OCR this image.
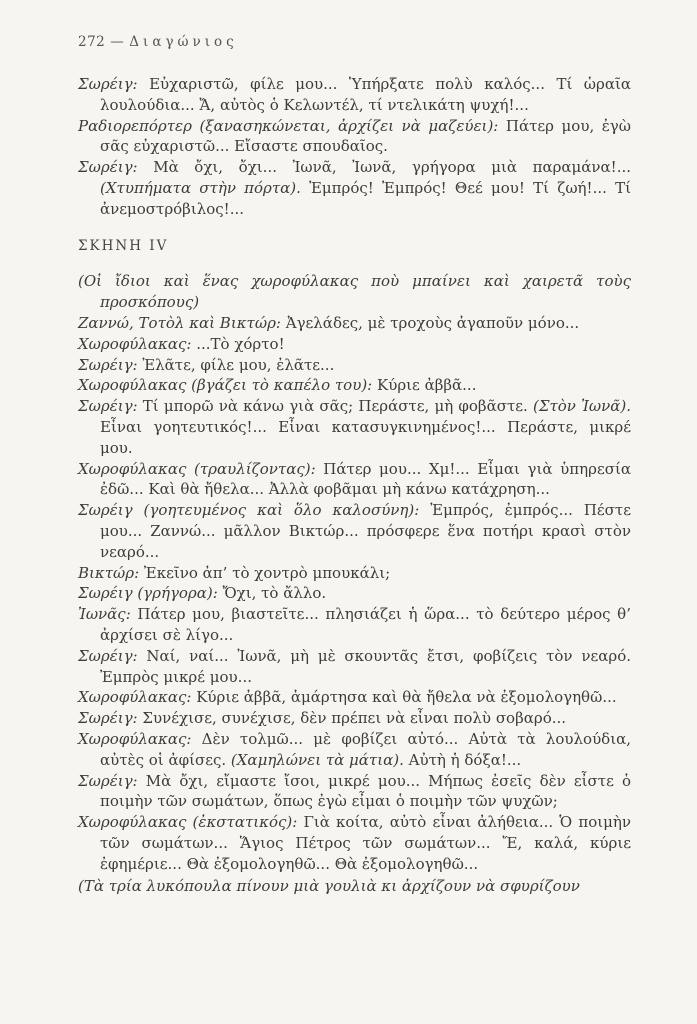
272 — Διαγώνιος

Σωρέιγ: Εὐχαριστῶ, φίλε μου... Ὑπήρξατε πολὺ καλός... Τί ὡραῖα λουλούδια... Ἄ, αὐτὸς ὁ Κελωντέλ, τί ντελικάτη ψυχή!...

Ραδιορεπόρτερ (ξανασηκώνεται, ἀρχίζει νὰ μαζεύει): Πάτερ μου, ἐγὼ σᾶς εὐχαριστῶ... Εἴσαστε σπουδαῖος.

Σωρέιγ: Μὰ ὄχι, ὄχι... Ἰωνᾶ, Ἰωνᾶ, γρήγορα μιὰ παραμάνα!... (Χτυπήματα στὴν πόρτα). Ἐμπρός! Ἐμπρός! Θεέ μου! Τί ζωή!... Τί ἀνεμοστρόβιλος!...

ΣΚΗΝΗ IV

(Οἱ ἴδιοι καὶ ἕνας χωροφύλακας ποὺ μπαίνει καὶ χαιρετᾶ τοὺς προσκόπους)

Ζαννώ, Τοτὸλ καὶ Βικτώρ: Ἀγελάδες, μὲ τροχοὺς ἀγαποῦν μόνο...

Χωροφύλακας: ...Τὸ χόρτο!

Σωρέιγ: Ἐλᾶτε, φίλε μου, ἐλᾶτε...

Χωροφύλακας (βγάζει τὸ καπέλο του): Κύριε ἀββᾶ...

Σωρέιγ: Τί μπορῶ νὰ κάνω γιὰ σᾶς; Περάστε, μὴ φοβᾶστε. (Στὸν Ἰωνᾶ). Εἶναι γοητευτικός!... Εἶναι κατασυγκινημένος!... Περάστε, μικρέ μου.

Χωροφύλακας (τραυλίζοντας): Πάτερ μου... Χμ!... Εἶμαι γιὰ ὑπηρεσία ἐδῶ... Καὶ θὰ ἤθελα... Ἀλλὰ φοβᾶμαι μὴ κάνω κατάχρηση...

Σωρέιγ (γοητευμένος καὶ ὅλο καλοσύνη): Ἐμπρός, ἐμπρός... Πέστε μου... Ζαννώ... μᾶλλον Βικτώρ... πρόσφερε ἕνα ποτήρι κρασὶ στὸν νεαρό...

Βικτώρ: Ἐκεῖνο ἀπ’ τὸ χοντρὸ μπουκάλι;

Σωρέιγ (γρήγορα): Ὄχι, τὸ ἄλλο.

Ἰωνᾶς: Πάτερ μου, βιαστεῖτε... πλησιάζει ἡ ὥρα... τὸ δεύτερο μέρος θ’ ἀρχίσει σὲ λίγο...

Σωρέιγ: Ναί, ναί... Ἰωνᾶ, μὴ μὲ σκουντᾶς ἔτσι, φοβίζεις τὸν νεαρό. Ἐμπρὸς μικρέ μου...

Χωροφύλακας: Κύριε ἀββᾶ, ἁμάρτησα καὶ θὰ ἤθελα νὰ ἐξομολογηθῶ...

Σωρέιγ: Συνέχισε, συνέχισε, δὲν πρέπει νὰ εἶναι πολὺ σοβαρό...

Χωροφύλακας: Δὲν τολμῶ... μὲ φοβίζει αὐτό... Αὐτὰ τὰ λουλούδια, αὐτὲς οἱ ἀφίσες. (Χαμηλώνει τὰ μάτια). Αὐτὴ ἡ δόξα!...

Σωρέιγ: Μὰ ὄχι, εἴμαστε ἴσοι, μικρέ μου... Μήπως ἐσεῖς δὲν εἶστε ὁ ποιμὴν τῶν σωμάτων, ὅπως ἐγὼ εἶμαι ὁ ποιμὴν τῶν ψυχῶν;

Χωροφύλακας (ἐκστατικός): Γιὰ κοίτα, αὐτὸ εἶναι ἀλήθεια... Ὁ ποιμὴν τῶν σωμάτων... Ἅγιος Πέτρος τῶν σωμάτων... Ἔ, καλά, κύριε ἐφημέριε... Θὰ ἐξομολογηθῶ... Θὰ ἐξομολογηθῶ...

(Τὰ τρία λυκόπουλα πίνουν μιὰ γουλιὰ κι ἀρχίζουν νὰ σφυρίζουν
